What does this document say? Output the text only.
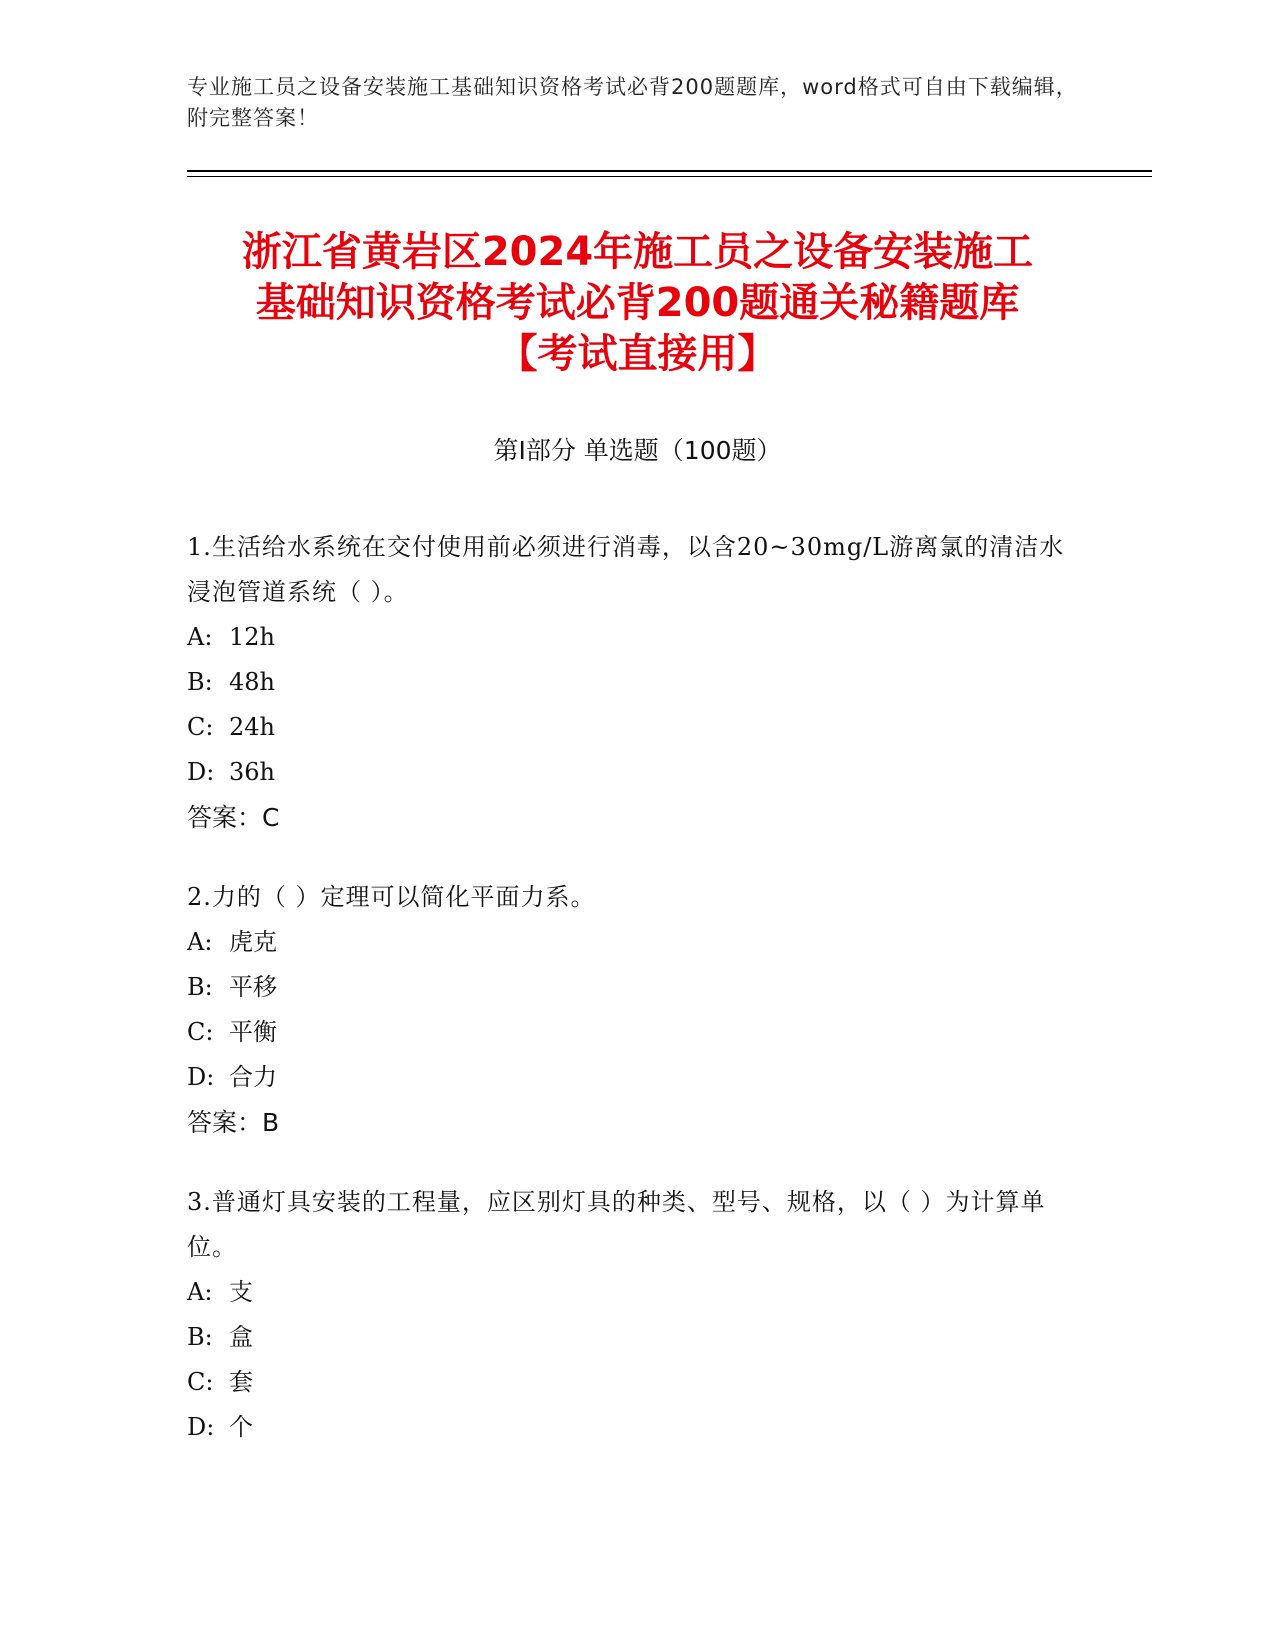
专业施工员之设备安装施工基础知识资格考试必背200题题库，word格式可自由下载编辑，附完整答案！
浙江省黄岩区2024年施工员之设备安装施工
基础知识资格考试必背200题通关秘籍题库
【考试直接用】
第Ⅰ部分 单选题（100题）
1.生活给水系统在交付使用前必须进行消毒，以含20~30mg/L游离氯的清洁水浸泡管道系统（ ）。
A: 12h
B: 48h
C: 24h
D: 36h
答案：C
2.力的（ ）定理可以简化平面力系。
A: 虎克
B: 平移
C: 平衡
D: 合力
答案：B
3.普通灯具安装的工程量，应区别灯具的种类、型号、规格，以（ ）为计算单位。
A: 支
B: 盒
C: 套
D: 个
